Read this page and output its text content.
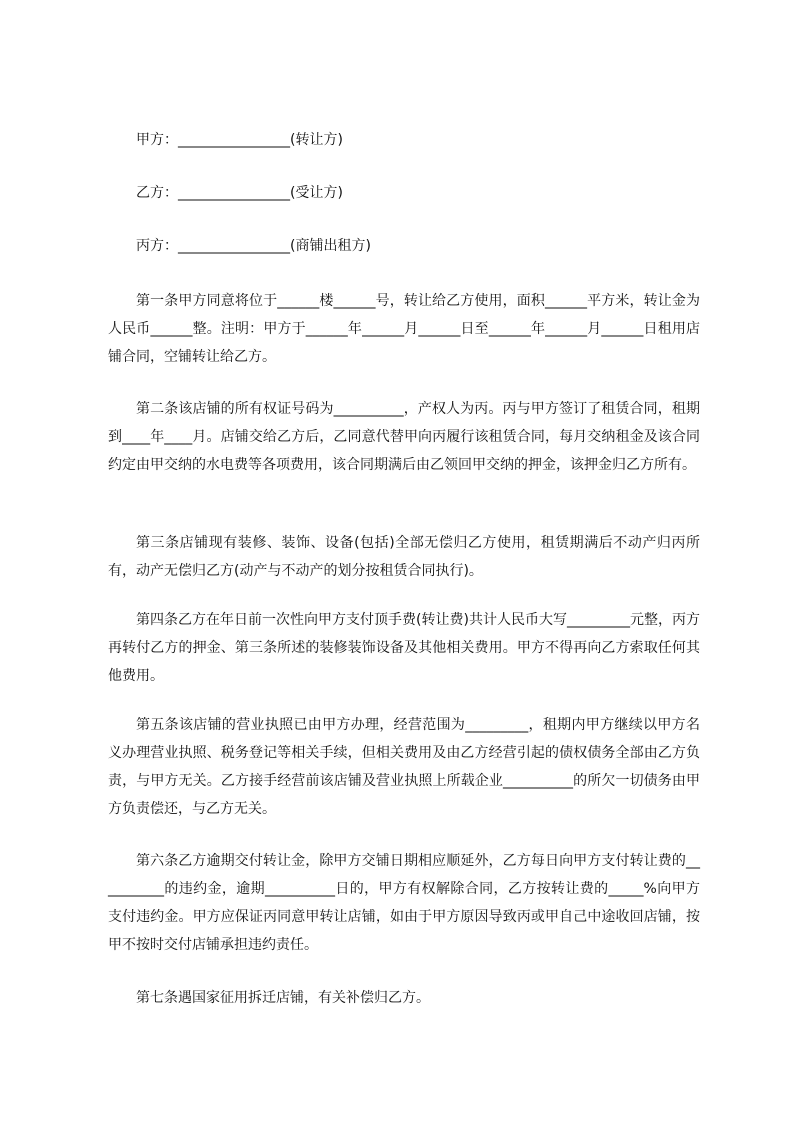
甲方：________________(转让方)

乙方：________________(受让方)

丙方：________________(商铺出租方)

第一条甲方同意将位于______楼______号，转让给乙方使用，面积______平方米，转让金为人民币______整。注明：甲方于______年______月______日至______年______月______日租用店铺合同，空铺转让给乙方。

第二条该店铺的所有权证号码为__________，产权人为丙。丙与甲方签订了租赁合同，租期到____年____月。店铺交给乙方后，乙同意代替甲向丙履行该租赁合同，每月交纳租金及该合同约定由甲交纳的水电费等各项费用，该合同期满后由乙领回甲交纳的押金，该押金归乙方所有。

第三条店铺现有装修、装饰、设备(包括)全部无偿归乙方使用，租赁期满后不动产归丙所有，动产无偿归乙方(动产与不动产的划分按租赁合同执行)。

第四条乙方在年日前一次性向甲方支付顶手费(转让费)共计人民币大写_________元整，丙方再转付乙方的押金、第三条所述的装修装饰设备及其他相关费用。甲方不得再向乙方索取任何其他费用。

第五条该店铺的营业执照已由甲方办理，经营范围为_________，租期内甲方继续以甲方名义办理营业执照、税务登记等相关手续，但相关费用及由乙方经营引起的债权债务全部由乙方负责，与甲方无关。乙方接手经营前该店铺及营业执照上所载企业__________的所欠一切债务由甲方负责偿还，与乙方无关。

第六条乙方逾期交付转让金，除甲方交铺日期相应顺延外，乙方每日向甲方支付转让费的__________的违约金，逾期__________日的，甲方有权解除合同，乙方按转让费的_____%向甲方支付违约金。甲方应保证丙同意甲转让店铺，如由于甲方原因导致丙或甲自己中途收回店铺，按甲不按时交付店铺承担违约责任。

第七条遇国家征用拆迁店铺，有关补偿归乙方。
